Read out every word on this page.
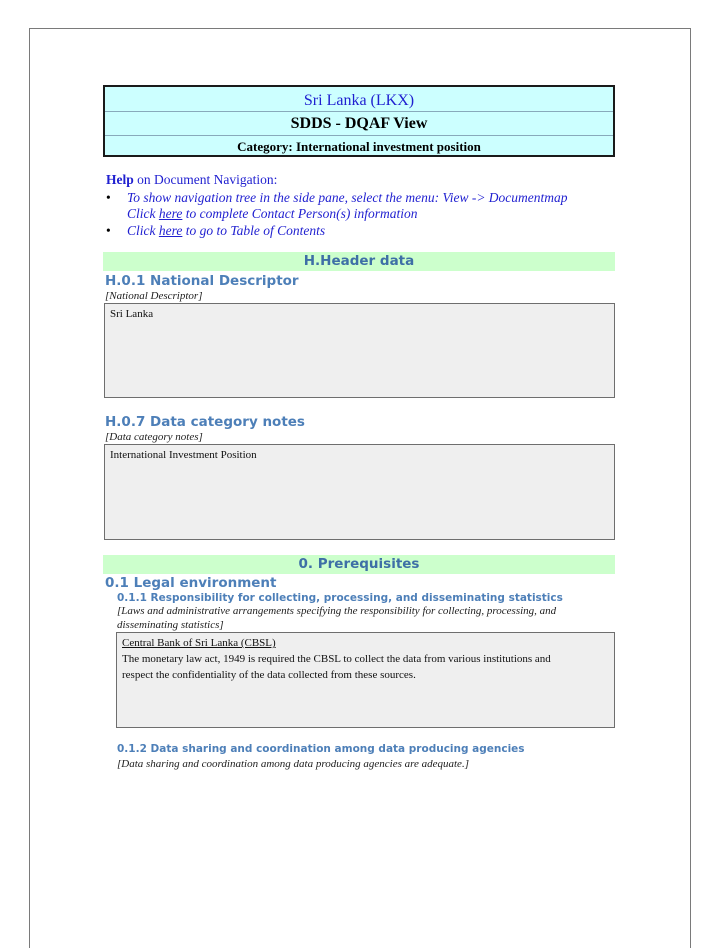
Sri Lanka (LKX)
SDDS - DQAF View
Category: International investment position
Help on Document Navigation:
• To show navigation tree in the side pane, select the menu: View -> Documentmap
Click here to complete Contact Person(s) information
• Click here to go to Table of Contents
H.Header data
H.0.1 National Descriptor
[National Descriptor]
Sri Lanka
H.0.7 Data category notes
[Data category notes]
International Investment Position
0. Prerequisites
0.1 Legal environment
0.1.1 Responsibility for collecting, processing, and disseminating statistics
[Laws and administrative arrangements specifying the responsibility for collecting, processing, and
disseminating statistics]
Central Bank of Sri Lanka (CBSL)
The monetary law act, 1949 is required the CBSL to collect the data from various institutions and
respect the confidentiality of the data collected from these sources.
0.1.2 Data sharing and coordination among data producing agencies
[Data sharing and coordination among data producing agencies are adequate.]
